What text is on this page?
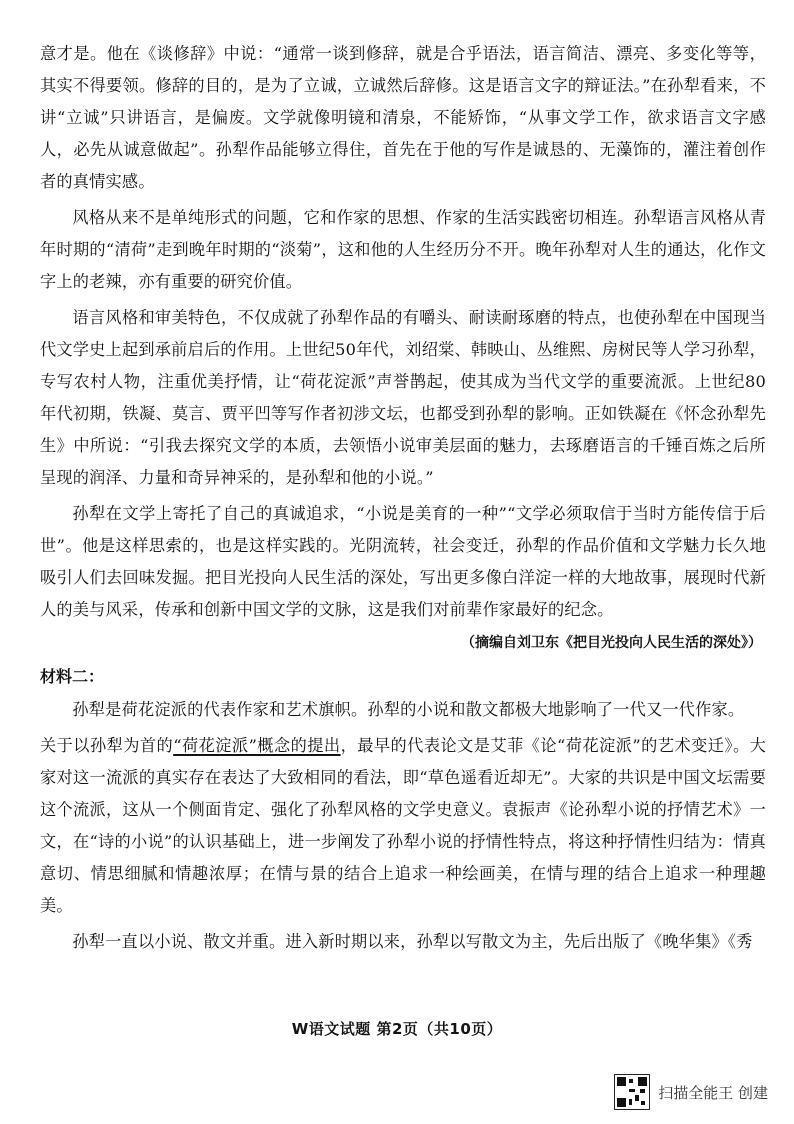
意才是。他在《谈修辞》中说：“通常一谈到修辞，就是合乎语法，语言简洁、漂亮、多变化等等，其实不得要领。修辞的目的，是为了立诚，立诚然后辞修。这是语言文字的辩证法。”在孙犁看来，不讲“立诚”只讲语言，是偏废。文学就像明镜和清泉，不能矫饰，“从事文学工作，欲求语言文字感人，必先从诚意做起”。孙犁作品能够立得住，首先在于他的写作是诚恳的、无藻饰的，灌注着创作者的真情实感。

风格从来不是单纯形式的问题，它和作家的思想、作家的生活实践密切相连。孙犁语言风格从青年时期的“清荷”走到晚年时期的“淡菊”，这和他的人生经历分不开。晚年孙犁对人生的通达，化作文字上的老辣，亦有重要的研究价值。

语言风格和审美特色，不仅成就了孙犁作品的有嚼头、耐读耐琢磨的特点，也使孙犁在中国现当代文学史上起到承前启后的作用。上世纪50年代，刘绍棠、韩映山、丛维熙、房树民等人学习孙犁，专写农村人物，注重优美抒情，让“荷花淀派”声誉鹊起，使其成为当代文学的重要流派。上世纪80年代初期，铁凝、莫言、贾平凹等写作者初涉文坛，也都受到孙犁的影响。正如铁凝在《怀念孙犁先生》中所说：“引我去探究文学的本质，去领悟小说审美层面的魅力，去琢磨语言的千锤百炼之后所呈现的润泽、力量和奇异神采的，是孙犁和他的小说。”

孙犁在文学上寄托了自己的真诚追求，“小说是美育的一种”“文学必须取信于当时方能传信于后世”。他是这样思索的，也是这样实践的。光阴流转，社会变迁，孙犁的作品价值和文学魅力长久地吸引人们去回味发掘。把目光投向人民生活的深处，写出更多像白洋淀一样的大地故事，展现时代新人的美与风采，传承和创新中国文学的文脉，这是我们对前辈作家最好的纪念。

（摘编自刘卫东《把目光投向人民生活的深处》）
材料二：

孙犁是荷花淀派的代表作家和艺术旗帜。孙犁的小说和散文都极大地影响了一代又一代作家。

关于以孙犁为首的“荷花淀派”概念的提出，最早的代表论文是艾菲《论“荷花淀派”的艺术变迁》。大家对这一流派的真实存在表达了大致相同的看法，即“草色遥看近却无”。大家的共识是中国文坛需要这个流派，这从一个侧面肯定、强化了孙犁风格的文学史意义。袁振声《论孙犁小说的抒情艺术》一文，在“诗的小说”的认识基础上，进一步阐发了孙犁小说的抒情性特点，将这种抒情性归结为：情真意切、情思细腻和情趣浓厚；在情与景的结合上追求一种绘画美，在情与理的结合上追求一种理趣美。

孙犁一直以小说、散文并重。进入新时期以来，孙犁以写散文为主，先后出版了《晚华集》《秀

W语文试题 第2页（共10页）
扫描全能王 创建
